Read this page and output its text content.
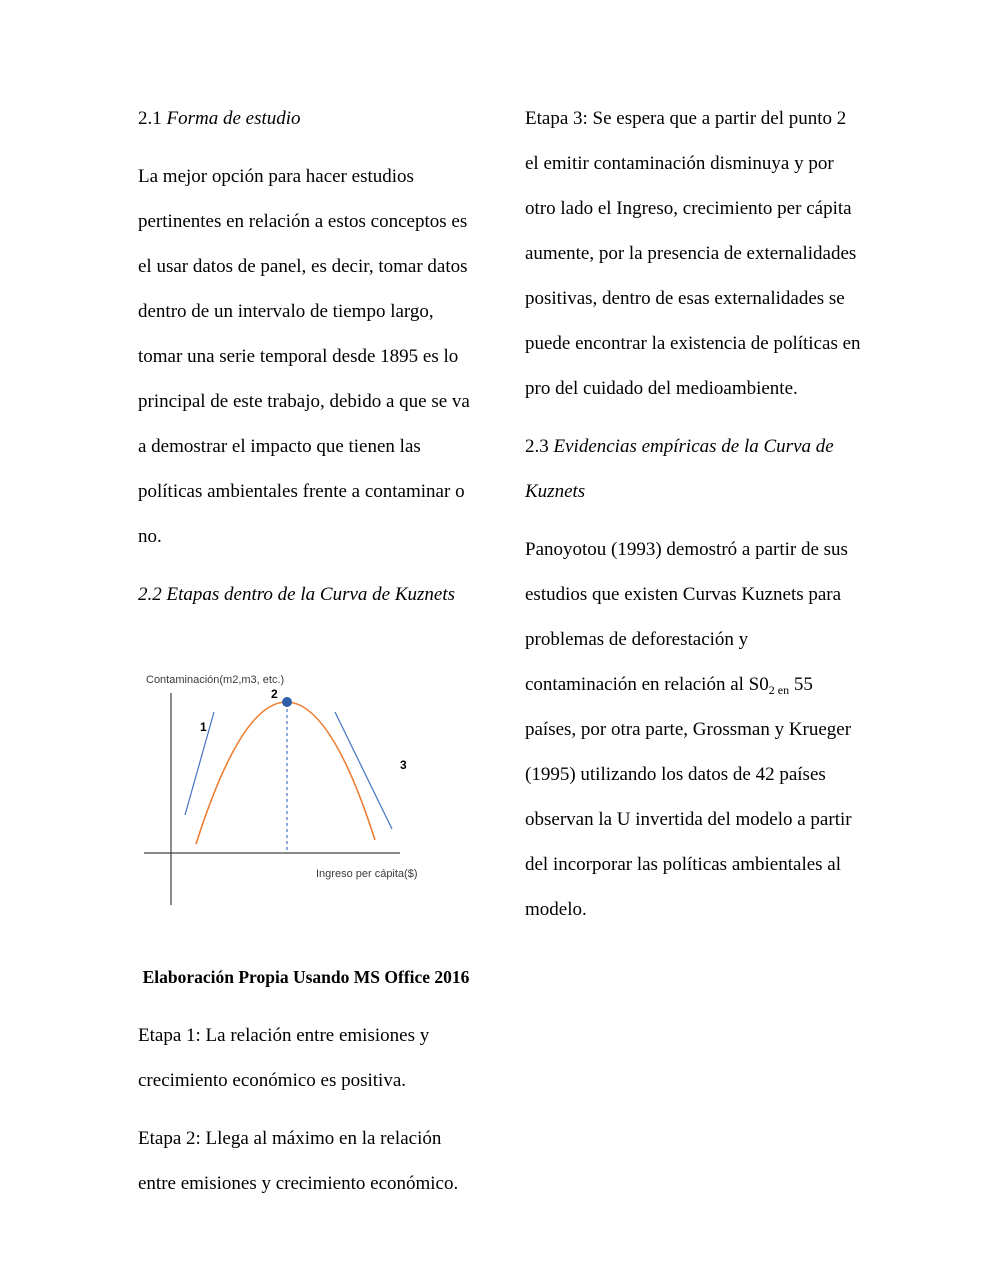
2.1 Forma de estudio

La mejor opción para hacer estudios pertinentes en relación a estos conceptos es el usar datos de panel, es decir, tomar datos dentro de un intervalo de tiempo largo, tomar una serie temporal desde 1895 es lo principal de este trabajo, debido a que se va a demostrar el impacto que tienen las políticas ambientales frente a contaminar o no.

2.2 Etapas dentro de la Curva de Kuznets

Contaminación(m2,m3, etc.)
2
1
3
Ingreso per cápita($)

Elaboración Propia Usando MS Office 2016

Etapa 1: La relación entre emisiones y crecimiento económico es positiva.

Etapa 2: Llega al máximo en la relación entre emisiones y crecimiento económico.

Etapa 3: Se espera que a partir del punto 2 el emitir contaminación disminuya y por otro lado el Ingreso, crecimiento per cápita aumente, por la presencia de externalidades positivas, dentro de esas externalidades se puede encontrar la existencia de políticas en pro del cuidado del medioambiente.

2.3 Evidencias empíricas de la Curva de Kuznets

Panoyotou (1993) demostró a partir de sus estudios que existen Curvas Kuznets para problemas de deforestación y contaminación en relación al $S0_{2 en}$ 55 países, por otra parte, Grossman y Krueger (1995) utilizando los datos de 42 países observan la U invertida del modelo a partir del incorporar las políticas ambientales al modelo.
